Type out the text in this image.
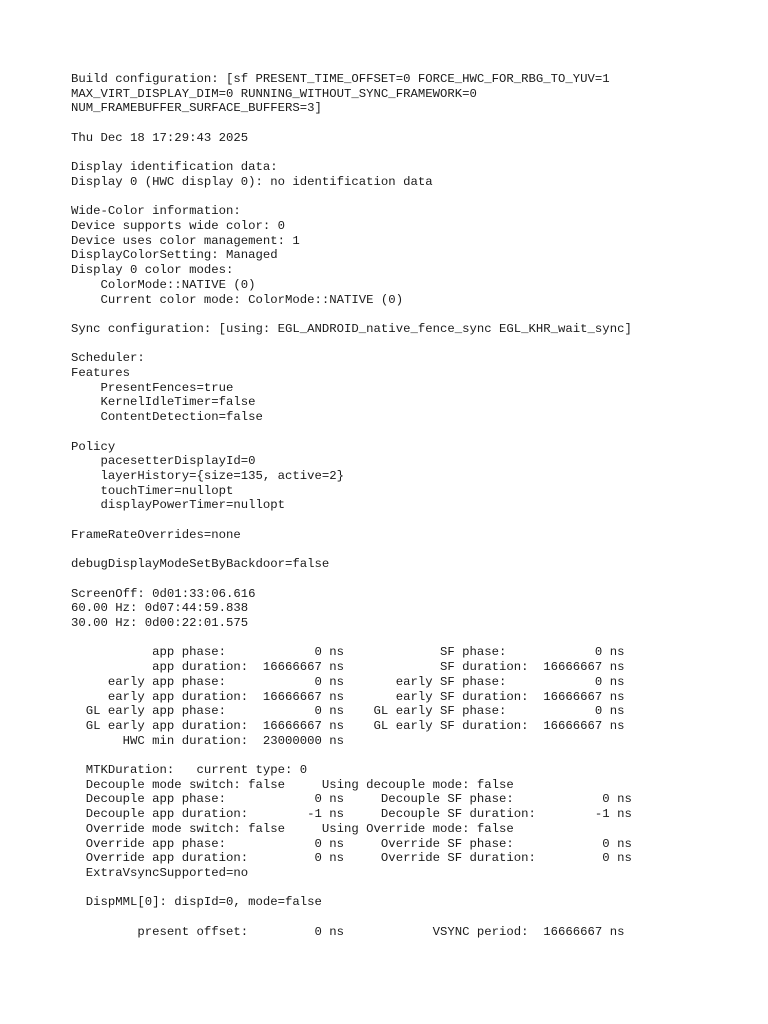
Build configuration: [sf PRESENT_TIME_OFFSET=0 FORCE_HWC_FOR_RBG_TO_YUV=1
MAX_VIRT_DISPLAY_DIM=0 RUNNING_WITHOUT_SYNC_FRAMEWORK=0
NUM_FRAMEBUFFER_SURFACE_BUFFERS=3]

Thu Dec 18 17:29:43 2025

Display identification data:
Display 0 (HWC display 0): no identification data

Wide-Color information:
Device supports wide color: 0
Device uses color management: 1
DisplayColorSetting: Managed
Display 0 color modes:
ColorMode::NATIVE (0)
Current color mode: ColorMode::NATIVE (0)

Sync configuration: [using: EGL_ANDROID_native_fence_sync EGL_KHR_wait_sync]

Scheduler:
Features
PresentFences=true
KernelIdleTimer=false
ContentDetection=false

Policy
pacesetterDisplayId=0
layerHistory={size=135, active=2}
touchTimer=nullopt
displayPowerTimer=nullopt

FrameRateOverrides=none

debugDisplayModeSetByBackdoor=false

ScreenOff: 0d01:33:06.616
60.00 Hz: 0d07:44:59.838
30.00 Hz: 0d00:22:01.575

app phase:            0 ns             SF phase:            0 ns
app duration:  16666667 ns             SF duration:  16666667 ns
early app phase:            0 ns       early SF phase:            0 ns
early app duration:  16666667 ns       early SF duration:  16666667 ns
GL early app phase:            0 ns    GL early SF phase:            0 ns
GL early app duration:  16666667 ns    GL early SF duration:  16666667 ns
HWC min duration:  23000000 ns

MTKDuration:   current type: 0
Decouple mode switch: false     Using decouple mode: false
Decouple app phase:            0 ns     Decouple SF phase:            0 ns
Decouple app duration:        -1 ns     Decouple SF duration:        -1 ns
Override mode switch: false     Using Override mode: false
Override app phase:            0 ns     Override SF phase:            0 ns
Override app duration:         0 ns     Override SF duration:         0 ns
ExtraVsyncSupported=no

DispMML[0]: dispId=0, mode=false

present offset:         0 ns            VSYNC period:  16666667 ns
